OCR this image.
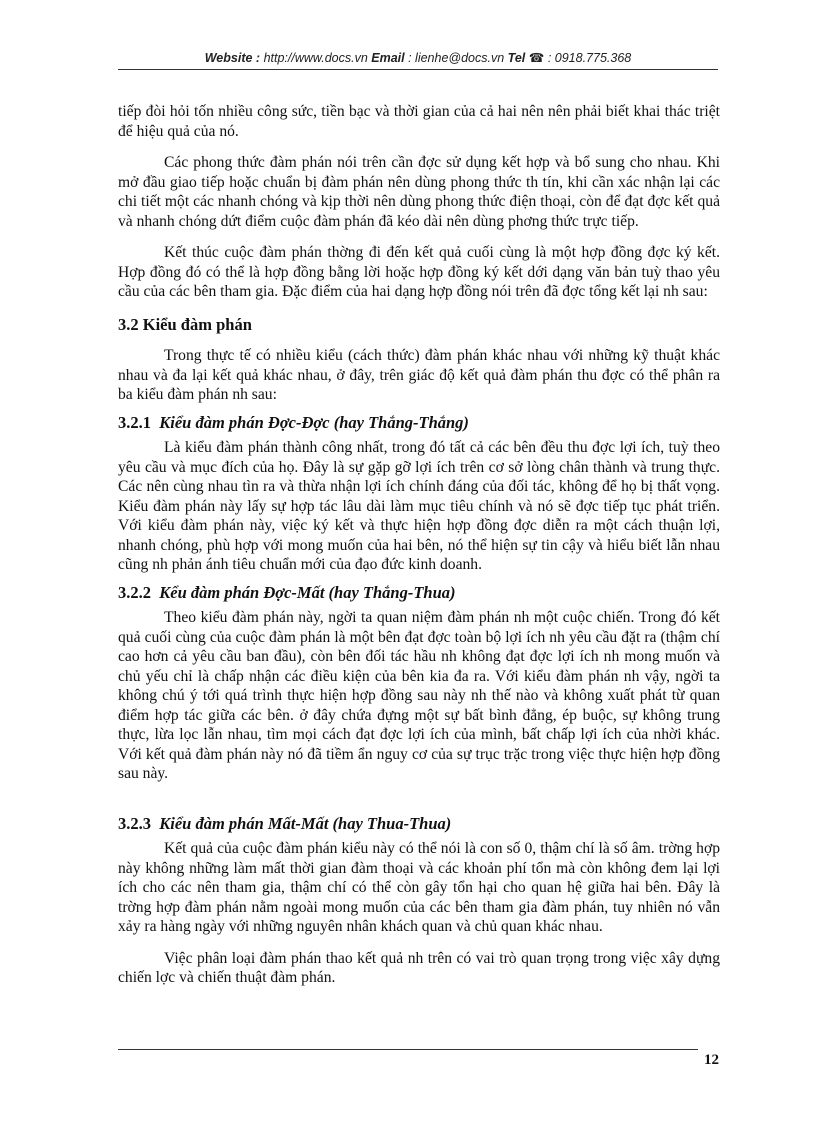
Website : http://www.docs.vn Email : lienhe@docs.vn Tel ☎ : 0918.775.368

tiếp đòi hỏi tốn nhiều công sức, tiền bạc và thời gian của cả hai nên nên phải biết khai thác triệt để hiệu quả của nó.

Các phong thức đàm phán nói trên cần đợc sử dụng kết hợp và bổ sung cho nhau. Khi mở đầu giao tiếp hoặc chuẩn bị đàm phán nên dùng phong thức th tín, khi cần xác nhận lại các chi tiết một các nhanh chóng và kịp thời nên dùng phong thức điện thoại, còn để đạt đợc kết quả và nhanh chóng dứt điểm cuộc đàm phán đã kéo dài nên dùng phơng thức trực tiếp.

Kết thúc cuộc đàm phán thờng đi đến kết quả cuối cùng là một hợp đồng đợc ký kết. Hợp đồng đó có thể là hợp đồng bằng lời hoặc hợp đồng ký kết dới dạng văn bản tuỳ thao yêu cầu của các bên tham gia. Đặc điểm của hai dạng hợp đồng nói trên đã đợc tổng kết lại nh sau:

3.2 Kiểu đàm phán

Trong thực tế có nhiều kiểu (cách thức) đàm phán khác nhau với những kỹ thuật khác nhau và đa lại kết quả khác nhau, ở đây, trên giác độ kết quả đàm phán thu đợc có thể phân ra ba kiểu đàm phán nh sau:

3.2.1 Kiểu đàm phán Đợc-Đợc (hay Thắng-Thắng)

Là kiểu đàm phán thành công nhất, trong đó tất cả các bên đều thu đợc lợi ích, tuỳ theo yêu cầu và mục đích của họ. Đây là sự gặp gỡ lợi ích trên cơ sở lòng chân thành và trung thực. Các nên cùng nhau tìn ra và thừa nhận lợi ích chính đáng của đối tác, không để họ bị thất vọng. Kiểu đàm phán này lấy sự hợp tác lâu dài làm mục tiêu chính và nó sẽ đợc tiếp tục phát triển. Với kiểu đàm phán này, việc ký kết và thực hiện hợp đồng đợc diễn ra một cách thuận lợi, nhanh chóng, phù hợp với mong muốn của hai bên, nó thể hiện sự tin cậy và hiểu biết lẫn nhau cũng nh phản ánh tiêu chuẩn mới của đạo đức kinh doanh.

3.2.2 Kểu đàm phán Đợc-Mất (hay Thắng-Thua)

Theo kiểu đàm phán này, ngời ta quan niệm đàm phán nh một cuộc chiến. Trong đó kết quả cuối cùng của cuộc đàm phán là một bên đạt đợc toàn bộ lợi ích nh yêu cầu đặt ra (thậm chí cao hơn cả yêu cầu ban đầu), còn bên đối tác hầu nh không đạt đợc lợi ích nh mong muốn và chủ yếu chỉ là chấp nhận các điều kiện của bên kia đa ra. Với kiểu đàm phán nh vậy, ngời ta không chú ý tới quá trình thực hiện hợp đồng sau này nh thế nào và không xuất phát từ quan điểm hợp tác giữa các bên. ở đây chứa đựng một sự bất bình đẳng, ép buộc, sự không trung thực, lừa lọc lẫn nhau, tìm mọi cách đạt đợc lợi ích của mình, bất chấp lợi ích của nhời khác. Với kết quả đàm phán này nó đã tiềm ẩn nguy cơ của sự trục trặc trong việc thực hiện hợp đồng sau này.

3.2.3 Kiểu đàm phán Mất-Mất (hay Thua-Thua)

Kết quả của cuộc đàm phán kiểu này có thể nói là con số 0, thậm chí là số âm. trờng hợp này không những làm mất thời gian đàm thoại và các khoản phí tổn mà còn không đem lại lợi ích cho các nên tham gia, thậm chí có thể còn gây tổn hại cho quan hệ giữa hai bên. Đây là trờng hợp đàm phán nằm ngoài mong muốn của các bên tham gia đàm phán, tuy nhiên nó vẫn xảy ra hàng ngày với những nguyên nhân khách quan và chủ quan khác nhau.

Việc phân loại đàm phán thao kết quả nh trên có vai trò quan trọng trong việc xây dựng chiến lợc và chiến thuật đàm phán.

12
